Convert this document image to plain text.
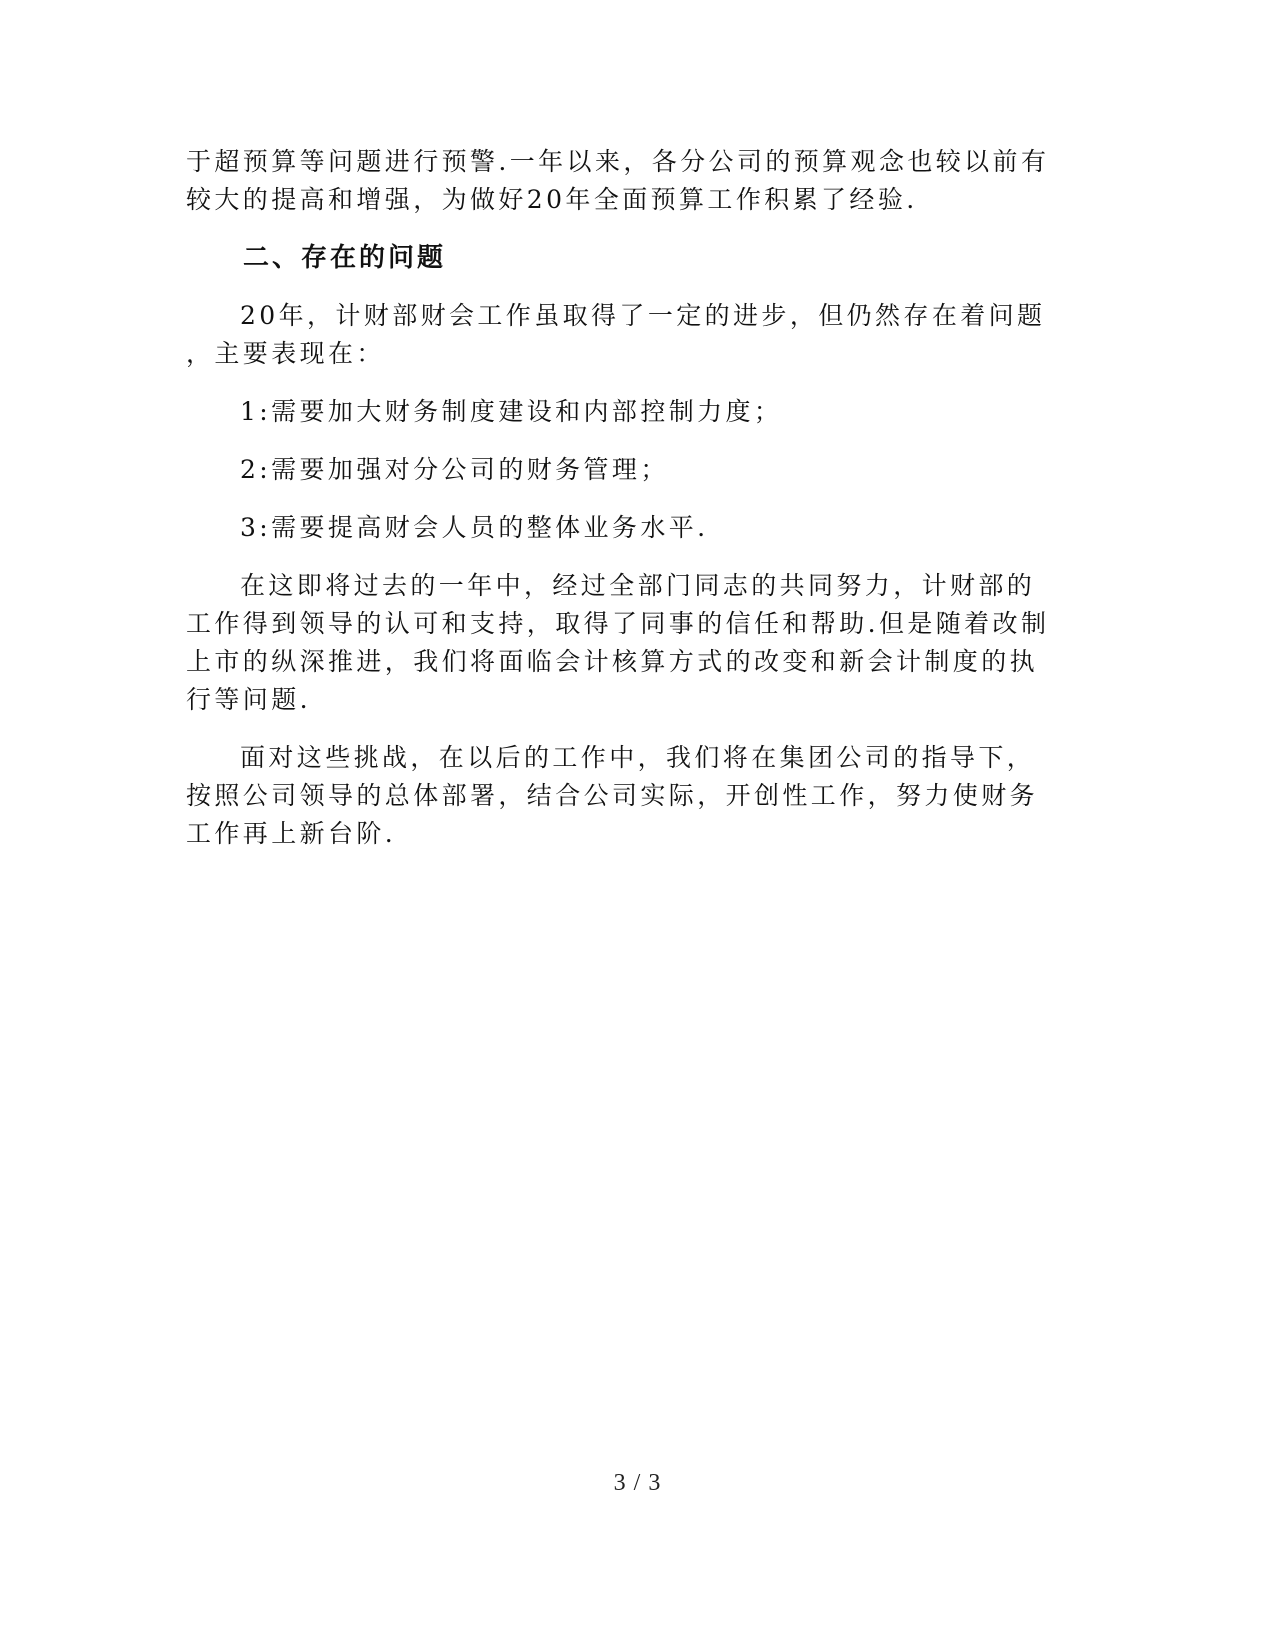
于超预算等问题进行预警.一年以来，各分公司的预算观念也较以前有
较大的提高和增强，为做好20年全面预算工作积累了经验.
二、存在的问题
20年，计财部财会工作虽取得了一定的进步，但仍然存在着问题
，主要表现在：
1:需要加大财务制度建设和内部控制力度；
2:需要加强对分公司的财务管理；
3:需要提高财会人员的整体业务水平.
在这即将过去的一年中，经过全部门同志的共同努力，计财部的
工作得到领导的认可和支持，取得了同事的信任和帮助.但是随着改制
上市的纵深推进，我们将面临会计核算方式的改变和新会计制度的执
行等问题.
面对这些挑战，在以后的工作中，我们将在集团公司的指导下，
按照公司领导的总体部署，结合公司实际，开创性工作，努力使财务
工作再上新台阶.
3 / 3
